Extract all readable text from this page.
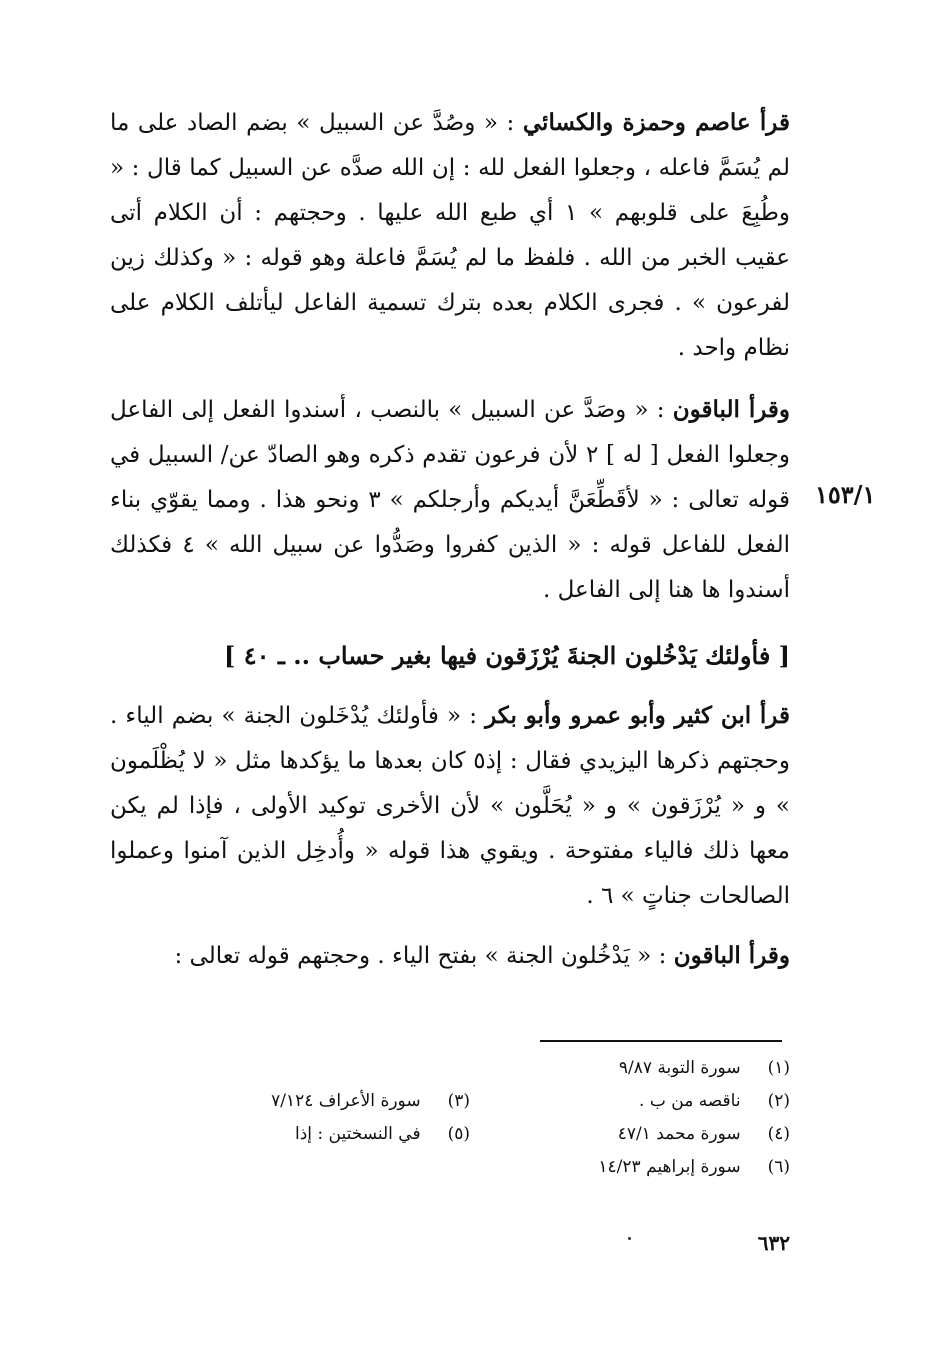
قرأ عاصم وحمزة والكسائي : « وصُدَّ عن السبيل » بضم الصاد على ما لم يُسَمَّ فاعله ، وجعلوا الفعل لله : إن الله صدَّه عن السبيل كما قال : « وطُبِعَ على قلوبهم » ١ أي طبع الله عليها . وحجتهم : أن الكلام أتى عقيب الخبر من الله . فلفظ ما لم يُسَمَّ فاعلة وهو قوله : « وكذلك زين لفرعون » . فجرى الكلام بعده بترك تسمية الفاعل ليأتلف الكلام على نظام واحد .

وقرأ الباقون : « وصَدَّ عن السبيل » بالنصب ، أسندوا الفعل إلى الفاعل وجعلوا الفعل [ له ] ٢ لأن فرعون تقدم ذكره وهو الصادّ عن/ السبيل في قوله تعالى : « لأقَطِّعَنَّ أيديكم وأرجلكم » ٣ ونحو هذا . ومما يقوّي بناء الفعل للفاعل قوله : « الذين كفروا وصَدُّوا عن سبيل الله » ٤ فكذلك أسندوا ها هنا إلى الفاعل .

١٥٣/١
[ فأولئك يَدْخُلون الجنةَ يُرْزَقون فيها بغير حساب .. ـ ٤٠ ]

قرأ ابن كثير وأبو عمرو وأبو بكر : « فأولئك يُدْخَلون الجنة » بضم الياء . وحجتهم ذكرها اليزيدي فقال : إذ٥ كان بعدها ما يؤكدها مثل « لا يُظْلَمون » و « يُرْزَقون » و « يُحَلَّون » لأن الأخرى توكيد الأولى ، فإذا لم يكن معها ذلك فالياء مفتوحة . ويقوي هذا قوله « وأُدخِل الذين آمنوا وعملوا الصالحات جناتٍ » ٦ .

وقرأ الباقون : « يَدْخُلون الجنة » بفتح الياء . وحجتهم قوله تعالى :

(١) سورة التوبة ٩/٨٧
(٢) ناقصه من ب .
(٣) سورة الأعراف ٧/١٢٤
(٤) سورة محمد ٤٧/١
(٥) في النسختين : إذا
(٦) سورة إبراهيم ١٤/٢٣
٦٣٢
